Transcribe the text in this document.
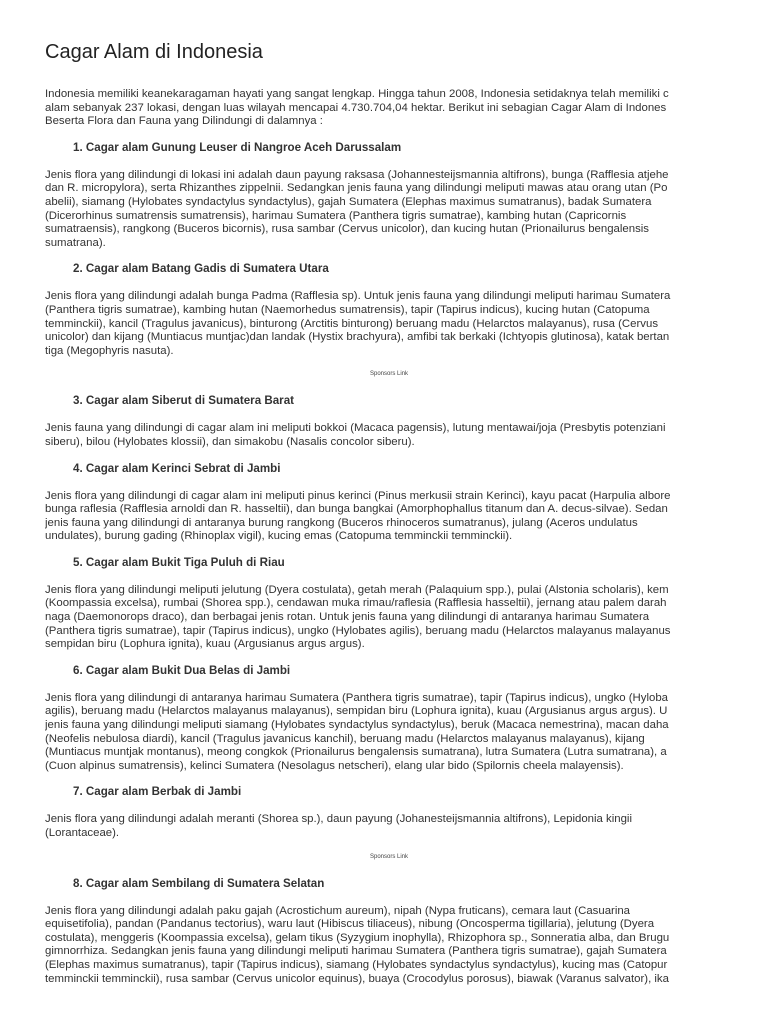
Cagar Alam di Indonesia

Indonesia memiliki keanekaragaman hayati yang sangat lengkap. Hingga tahun 2008, Indonesia setidaknya telah memiliki c

alam sebanyak 237 lokasi, dengan luas wilayah mencapai 4.730.704,04 hektar. Berikut ini sebagian Cagar Alam di Indones

Beserta Flora dan Fauna yang Dilindungi di dalamnya :

1. Cagar alam Gunung Leuser di Nangroe Aceh Darussalam

Jenis flora yang dilindungi di lokasi ini adalah daun payung raksasa (Johannesteijsmannia altifrons), bunga (Rafflesia atjehe

dan R. micropylora), serta Rhizanthes zippelnii. Sedangkan jenis fauna yang dilindungi meliputi mawas atau orang utan (Po

abelii), siamang (Hylobates syndactylus syndactylus), gajah Sumatera (Elephas maximus sumatranus), badak Sumatera

(Dicerorhinus sumatrensis sumatrensis), harimau Sumatera (Panthera tigris sumatrae), kambing hutan (Capricornis

sumatraensis), rangkong (Buceros bicornis), rusa sambar (Cervus unicolor), dan kucing hutan (Prionailurus bengalensis

sumatrana).

2. Cagar alam Batang Gadis di Sumatera Utara

Jenis flora yang dilindungi adalah bunga Padma (Rafflesia sp). Untuk jenis fauna yang dilindungi meliputi harimau Sumatera

(Panthera tigris sumatrae), kambing hutan (Naemorhedus sumatrensis), tapir (Tapirus indicus), kucing hutan (Catopuma

temminckii), kancil (Tragulus javanicus), binturong (Arctitis binturong) beruang madu (Helarctos malayanus), rusa (Cervus

unicolor) dan kijang (Muntiacus muntjac)dan landak (Hystix brachyura), amfibi tak berkaki (Ichtyopis glutinosa), katak bertan

tiga (Megophyris nasuta).

Sponsors Link
3. Cagar alam Siberut di Sumatera Barat

Jenis fauna yang dilindungi di cagar alam ini meliputi bokkoi (Macaca pagensis), lutung mentawai/joja (Presbytis potenziani

siberu), bilou (Hylobates klossii), dan simakobu (Nasalis concolor siberu).

4. Cagar alam Kerinci Sebrat di Jambi

Jenis flora yang dilindungi di cagar alam ini meliputi pinus kerinci (Pinus merkusii strain Kerinci), kayu pacat (Harpulia albore

bunga raflesia (Rafflesia arnoldi dan R. hasseltii), dan bunga bangkai (Amorphophallus titanum dan A. decus-silvae). Sedan

jenis fauna yang dilindungi di antaranya burung rangkong (Buceros rhinoceros sumatranus), julang (Aceros undulatus

undulates), burung gading (Rhinoplax vigil), kucing emas (Catopuma temminckii temminckii).

5. Cagar alam Bukit Tiga Puluh di Riau

Jenis flora yang dilindungi meliputi jelutung (Dyera costulata), getah merah (Palaquium spp.), pulai (Alstonia scholaris), kem

(Koompassia excelsa), rumbai (Shorea spp.), cendawan muka rimau/raflesia (Rafflesia hasseltii), jernang atau palem darah

naga (Daemonorops draco), dan berbagai jenis rotan. Untuk jenis fauna yang dilindungi di antaranya harimau Sumatera

(Panthera tigris sumatrae), tapir (Tapirus indicus), ungko (Hylobates agilis), beruang madu (Helarctos malayanus malayanus

sempidan biru (Lophura ignita), kuau (Argusianus argus argus).

6. Cagar alam Bukit Dua Belas di Jambi

Jenis flora yang dilindungi di antaranya harimau Sumatera (Panthera tigris sumatrae), tapir (Tapirus indicus), ungko (Hyloba

agilis), beruang madu (Helarctos malayanus malayanus), sempidan biru (Lophura ignita), kuau (Argusianus argus argus). U

jenis fauna yang dilindungi meliputi siamang (Hylobates syndactylus syndactylus), beruk (Macaca nemestrina), macan daha

(Neofelis nebulosa diardi), kancil (Tragulus javanicus kanchil), beruang madu (Helarctos malayanus malayanus), kijang

(Muntiacus muntjak montanus), meong congkok (Prionailurus bengalensis sumatrana), lutra Sumatera (Lutra sumatrana), a

(Cuon alpinus sumatrensis), kelinci Sumatera (Nesolagus netscheri), elang ular bido (Spilornis cheela malayensis).

7. Cagar alam Berbak di Jambi

Jenis flora yang dilindungi adalah meranti (Shorea sp.), daun payung (Johanesteijsmannia altifrons), Lepidonia kingii

(Lorantaceae).

Sponsors Link
8. Cagar alam Sembilang di Sumatera Selatan

Jenis flora yang dilindungi adalah paku gajah (Acrostichum aureum), nipah (Nypa fruticans), cemara laut (Casuarina

equisetifolia), pandan (Pandanus tectorius), waru laut (Hibiscus tiliaceus), nibung (Oncosperma tigillaria), jelutung (Dyera

costulata), menggeris (Koompassia excelsa), gelam tikus (Syzygium inophylla), Rhizophora sp., Sonneratia alba, dan Brugu

gimnorrhiza. Sedangkan jenis fauna yang dilindungi meliputi harimau Sumatera (Panthera tigris sumatrae), gajah Sumatera

(Elephas maximus sumatranus), tapir (Tapirus indicus), siamang (Hylobates syndactylus syndactylus), kucing mas (Catopur

temminckii temminckii), rusa sambar (Cervus unicolor equinus), buaya (Crocodylus porosus), biawak (Varanus salvator), ika
